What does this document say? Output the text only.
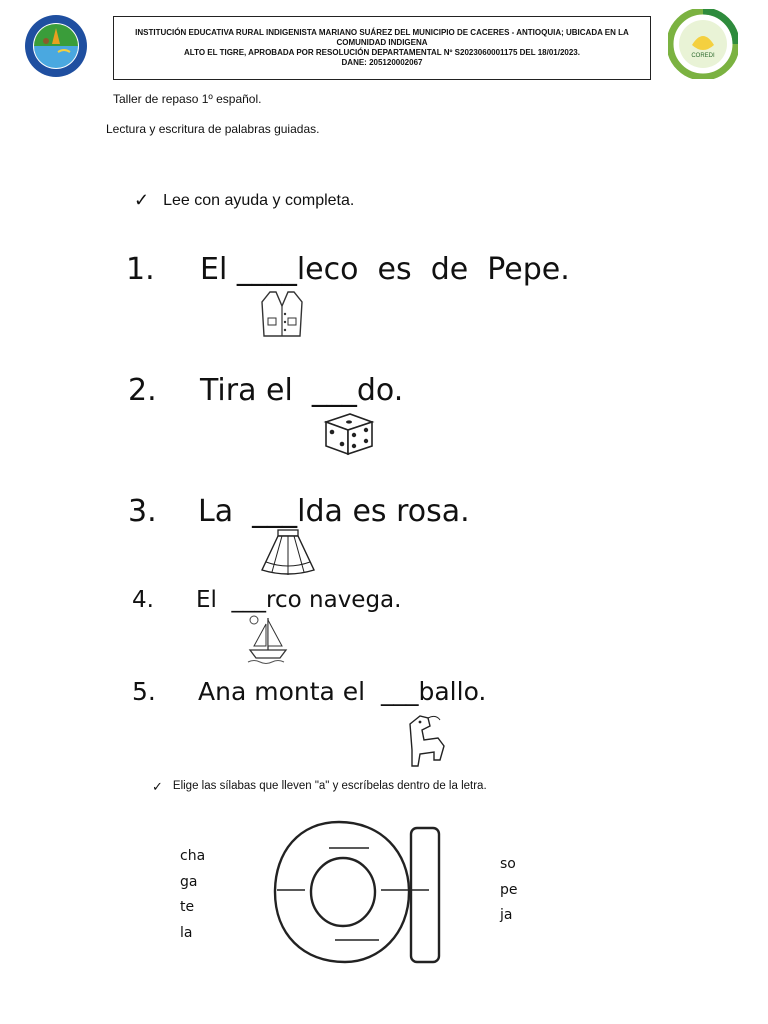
INSTITUCIÓN EDUCATIVA RURAL INDIGENISTA MARIANO SUÁREZ DEL MUNICIPIO DE CACERES - ANTIOQUIA; UBICADA EN LA COMUNIDAD INDIGENA
ALTO EL TIGRE, APROBADA POR RESOLUCIÓN DEPARTAMENTAL Nº S2023060001175 DEL 18/01/2023.
DANE: 205120002067
COREDI
Taller de repaso 1º español.
Lectura y escritura de palabras guiadas.
✓ Lee con ayuda y completa.
1.	El ____leco  es  de  Pepe.
2.	Tira el  ___do.
3.	La  ___lda es rosa.
4.	El  ___rco navega.
5.	Ana monta el  ___ballo.
✓ Elige las sílabas que lleven "a" y escríbelas dentro de la letra.

cha
ga
te
la
so
pe
ja
